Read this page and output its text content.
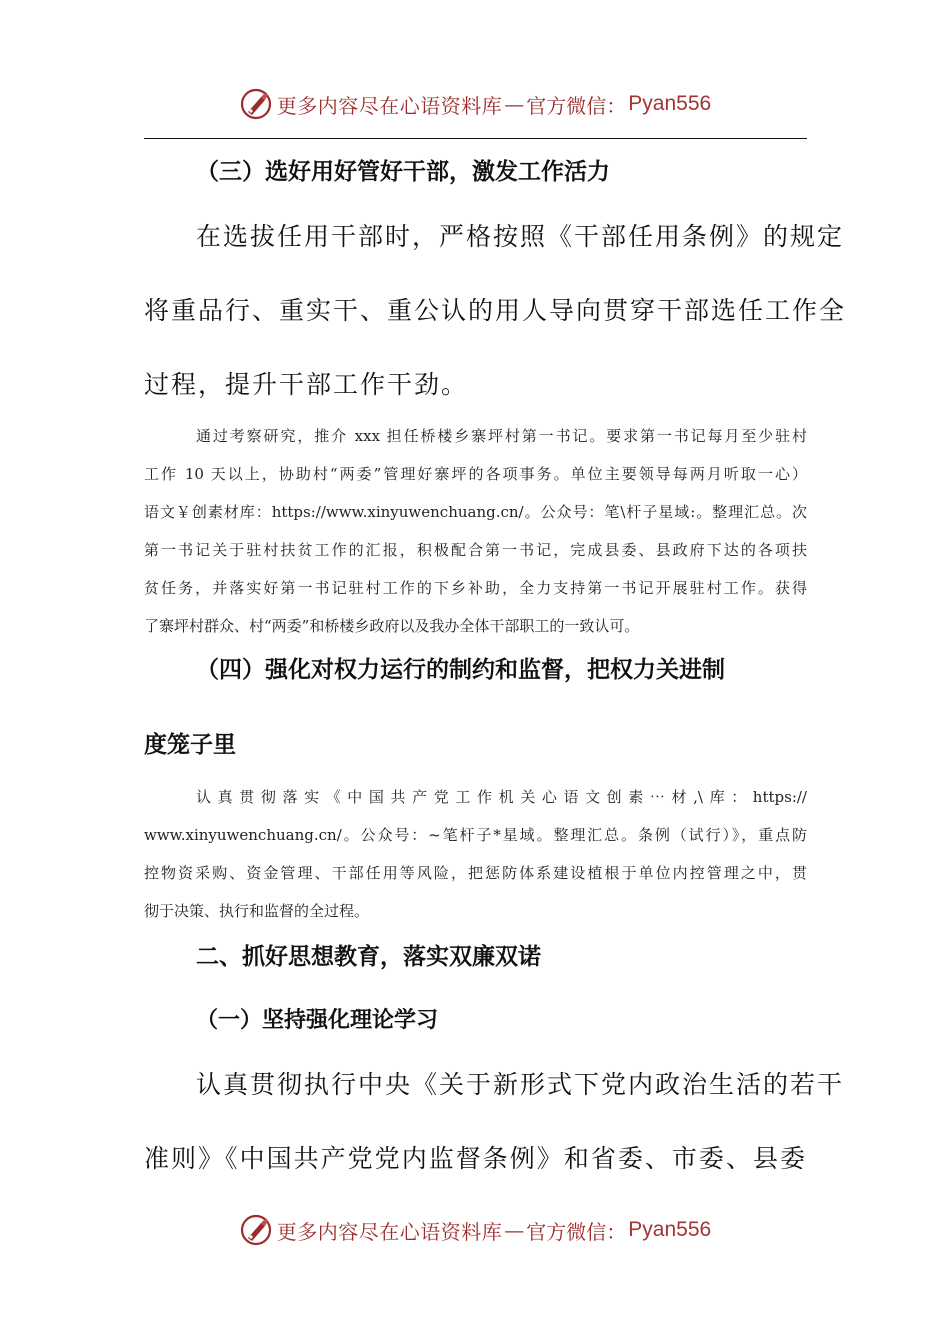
更多内容尽在心语资料库 — 官方微信： Pyan556
（三）选好用好管好干部，激发工作活力
在选拔任用干部时，严格按照《干部任用条例》的规定
将重品行、重实干、重公认的用人导向贯穿干部选任工作全
过程，提升干部工作干劲。
通过考察研究，推介 xxx 担任桥楼乡寨坪村第一书记。要求第一书记每月至少驻村
工作 10 天以上，协助村“两委”管理好寨坪的各项事务。单位主要领导每两月听取一心）
语文￥创素材库：https://www.xinyuwenchuang.cn/。公众号：笔\杆子星域:。整理汇总。次
第一书记关于驻村扶贫工作的汇报，积极配合第一书记，完成县委、县政府下达的各项扶
贫任务，并落实好第一书记驻村工作的下乡补助，全力支持第一书记开展驻村工作。获得
了寨坪村群众、村“两委”和桥楼乡政府以及我办全体干部职工的一致认可。
（四）强化对权力运行的制约和监督，把权力关进制
度笼子里
认真贯彻落实《中国共产党工作机关心语文创素⋯材,\库：https://
www.xinyuwenchuang.cn/。公众号：~笔杆子*星域。整理汇总。条例（试行）》，重点防
控物资采购、资金管理、干部任用等风险，把惩防体系建设植根于单位内控管理之中，贯
彻于决策、执行和监督的全过程。
二、抓好思想教育，落实双廉双诺
（一）坚持强化理论学习
认真贯彻执行中央《关于新形式下党内政治生活的若干
准则》《中国共产党党内监督条例》和省委、市委、县委
更多内容尽在心语资料库 — 官方微信： Pyan556
